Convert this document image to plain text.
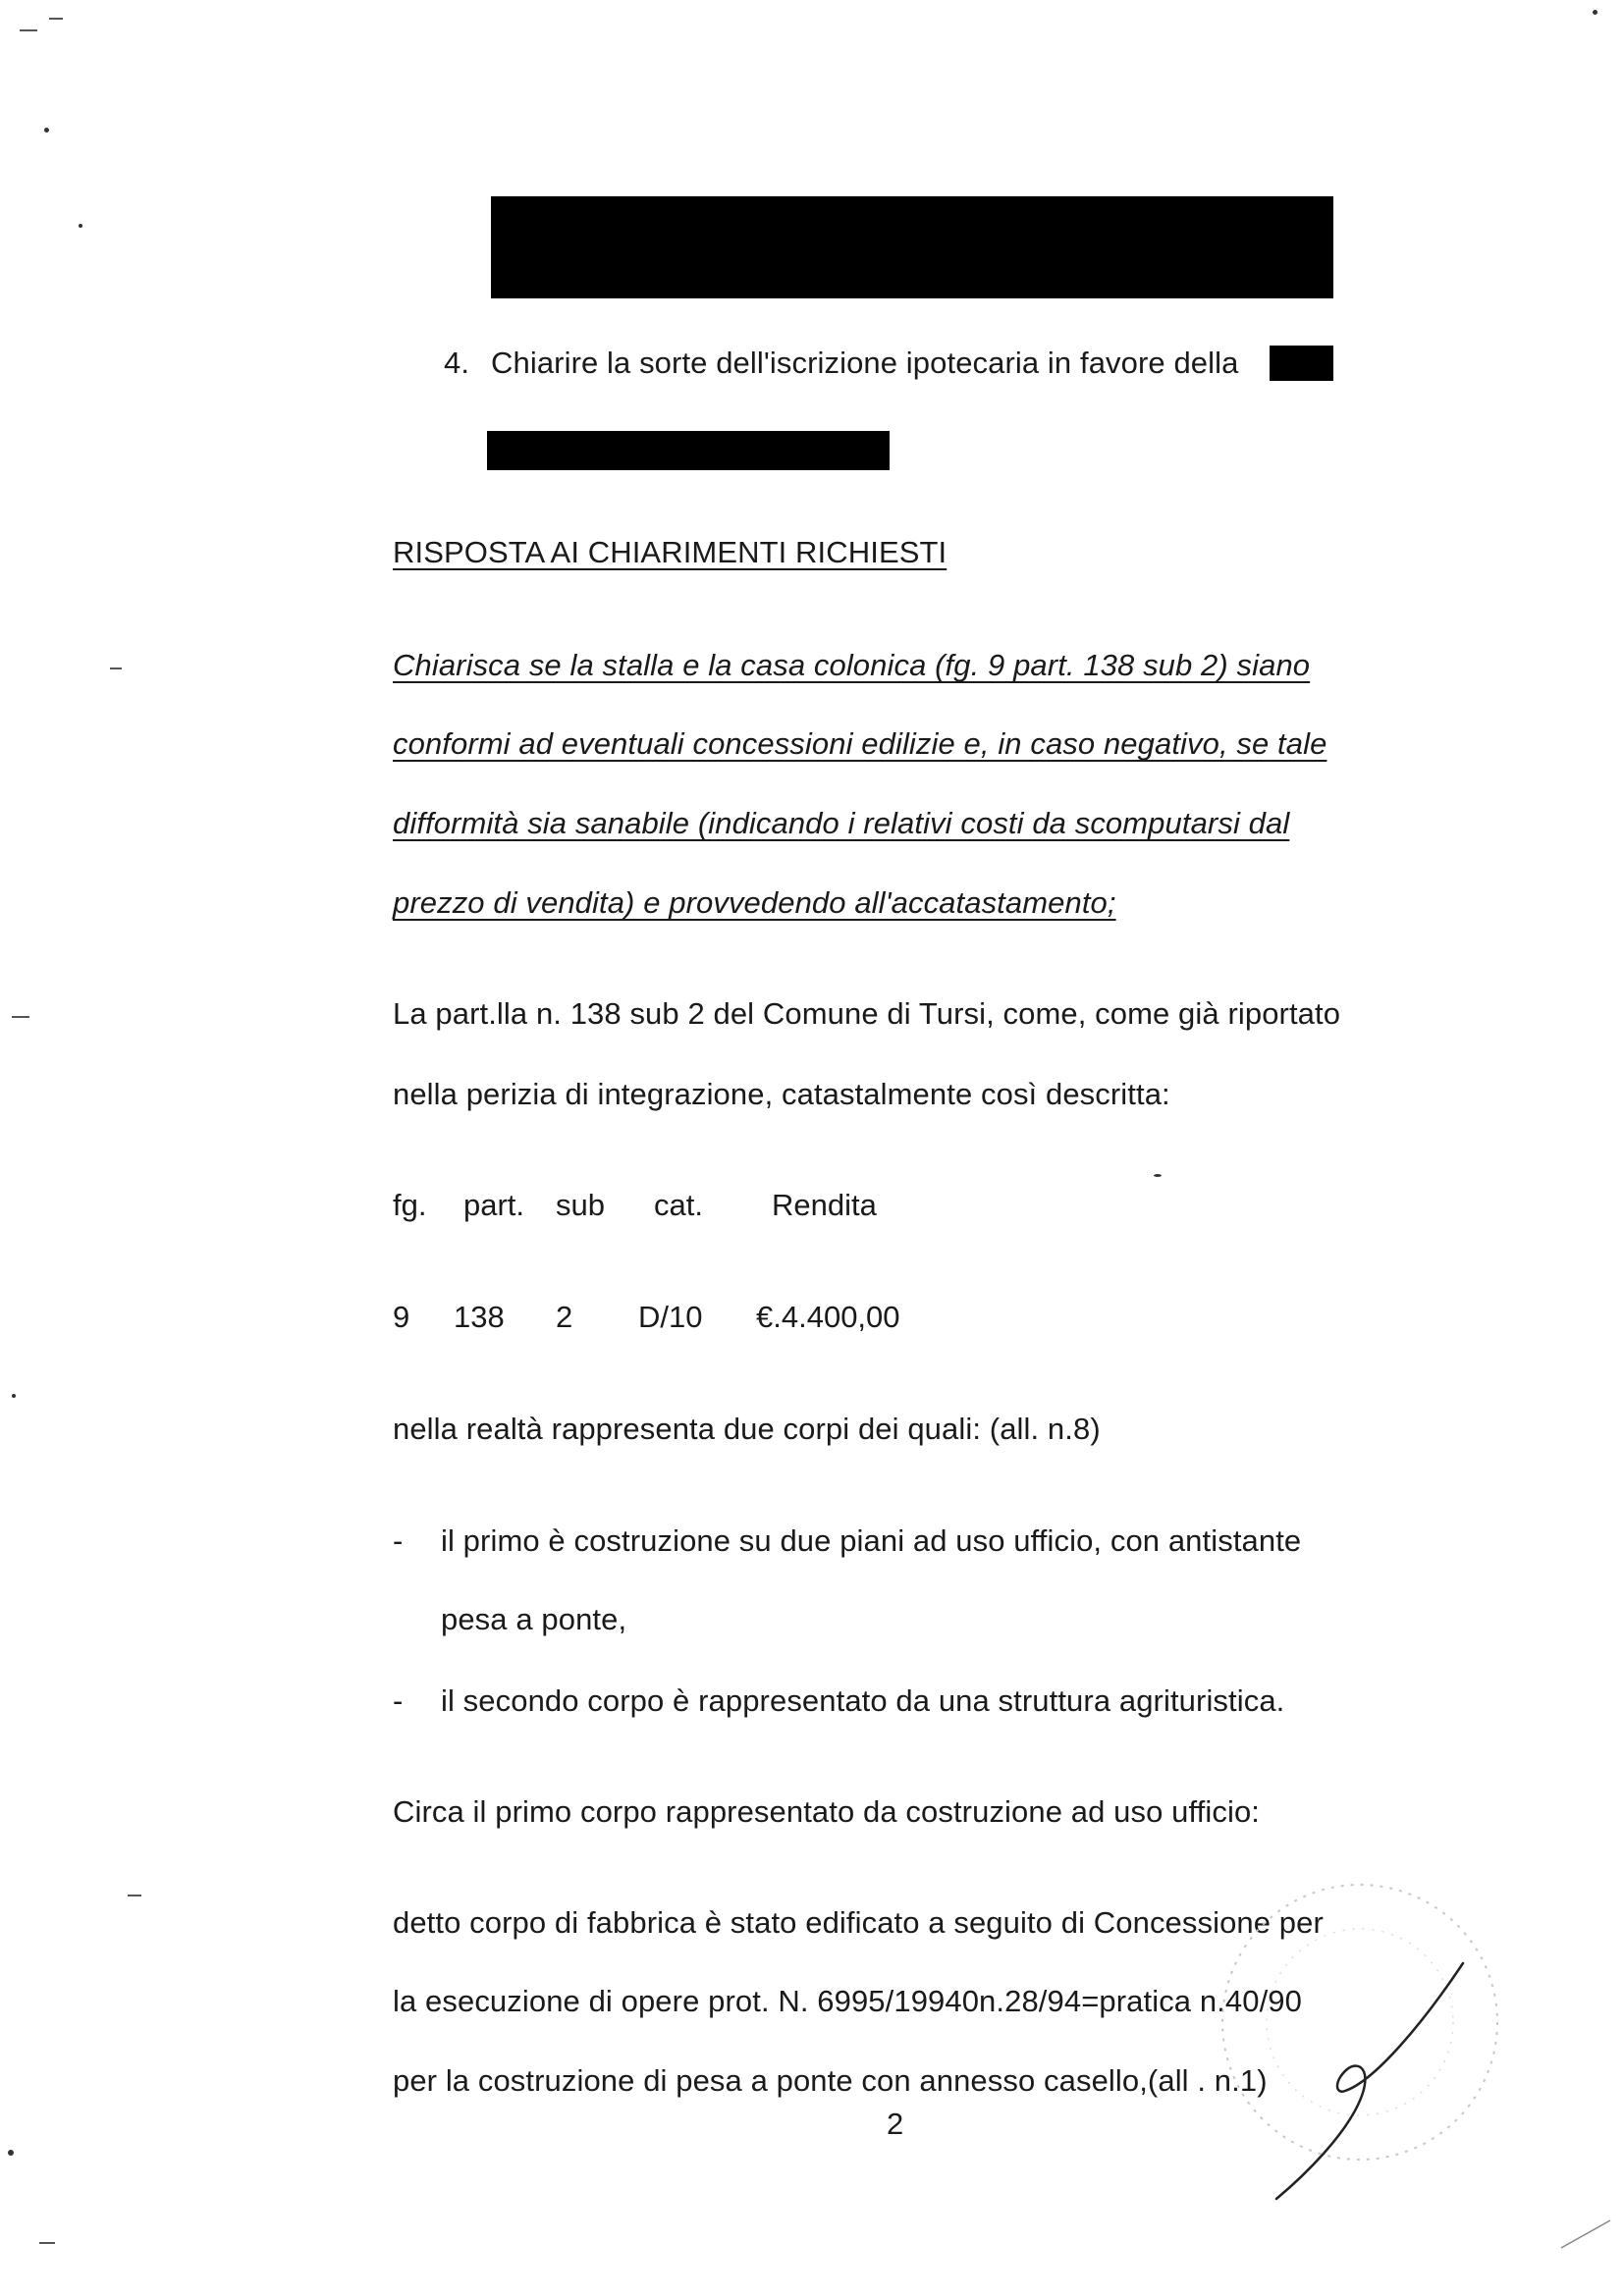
4. Chiarire la sorte dell'iscrizione ipotecaria in favore della
RISPOSTA AI CHIARIMENTI RICHIESTI
Chiarisca se la stalla e la casa colonica (fg. 9 part. 138 sub 2) siano
conformi ad eventuali concessioni edilizie e, in caso negativo, se tale
difformità sia sanabile (indicando i relativi costi da scomputarsi dal
prezzo di vendita) e provvedendo all'accatastamento;
La part.lla n. 138 sub 2 del Comune di Tursi, come, come già riportato
nella perizia di integrazione, catastalmente così descritta:
fg. part. sub cat. Rendita
9 138 2 D/10 €.4.400,00
nella realtà rappresenta due corpi dei quali: (all. n.8)
- il primo è costruzione su due piani ad uso ufficio, con antistante
pesa a ponte,
- il secondo corpo è rappresentato da una struttura agrituristica.
Circa il primo corpo rappresentato da costruzione ad uso ufficio:
detto corpo di fabbrica è stato edificato a seguito di Concessione per
la esecuzione di opere prot. N. 6995/19940n.28/94=pratica n.40/90
per la costruzione di pesa a ponte con annesso casello,(all . n.1)
2
